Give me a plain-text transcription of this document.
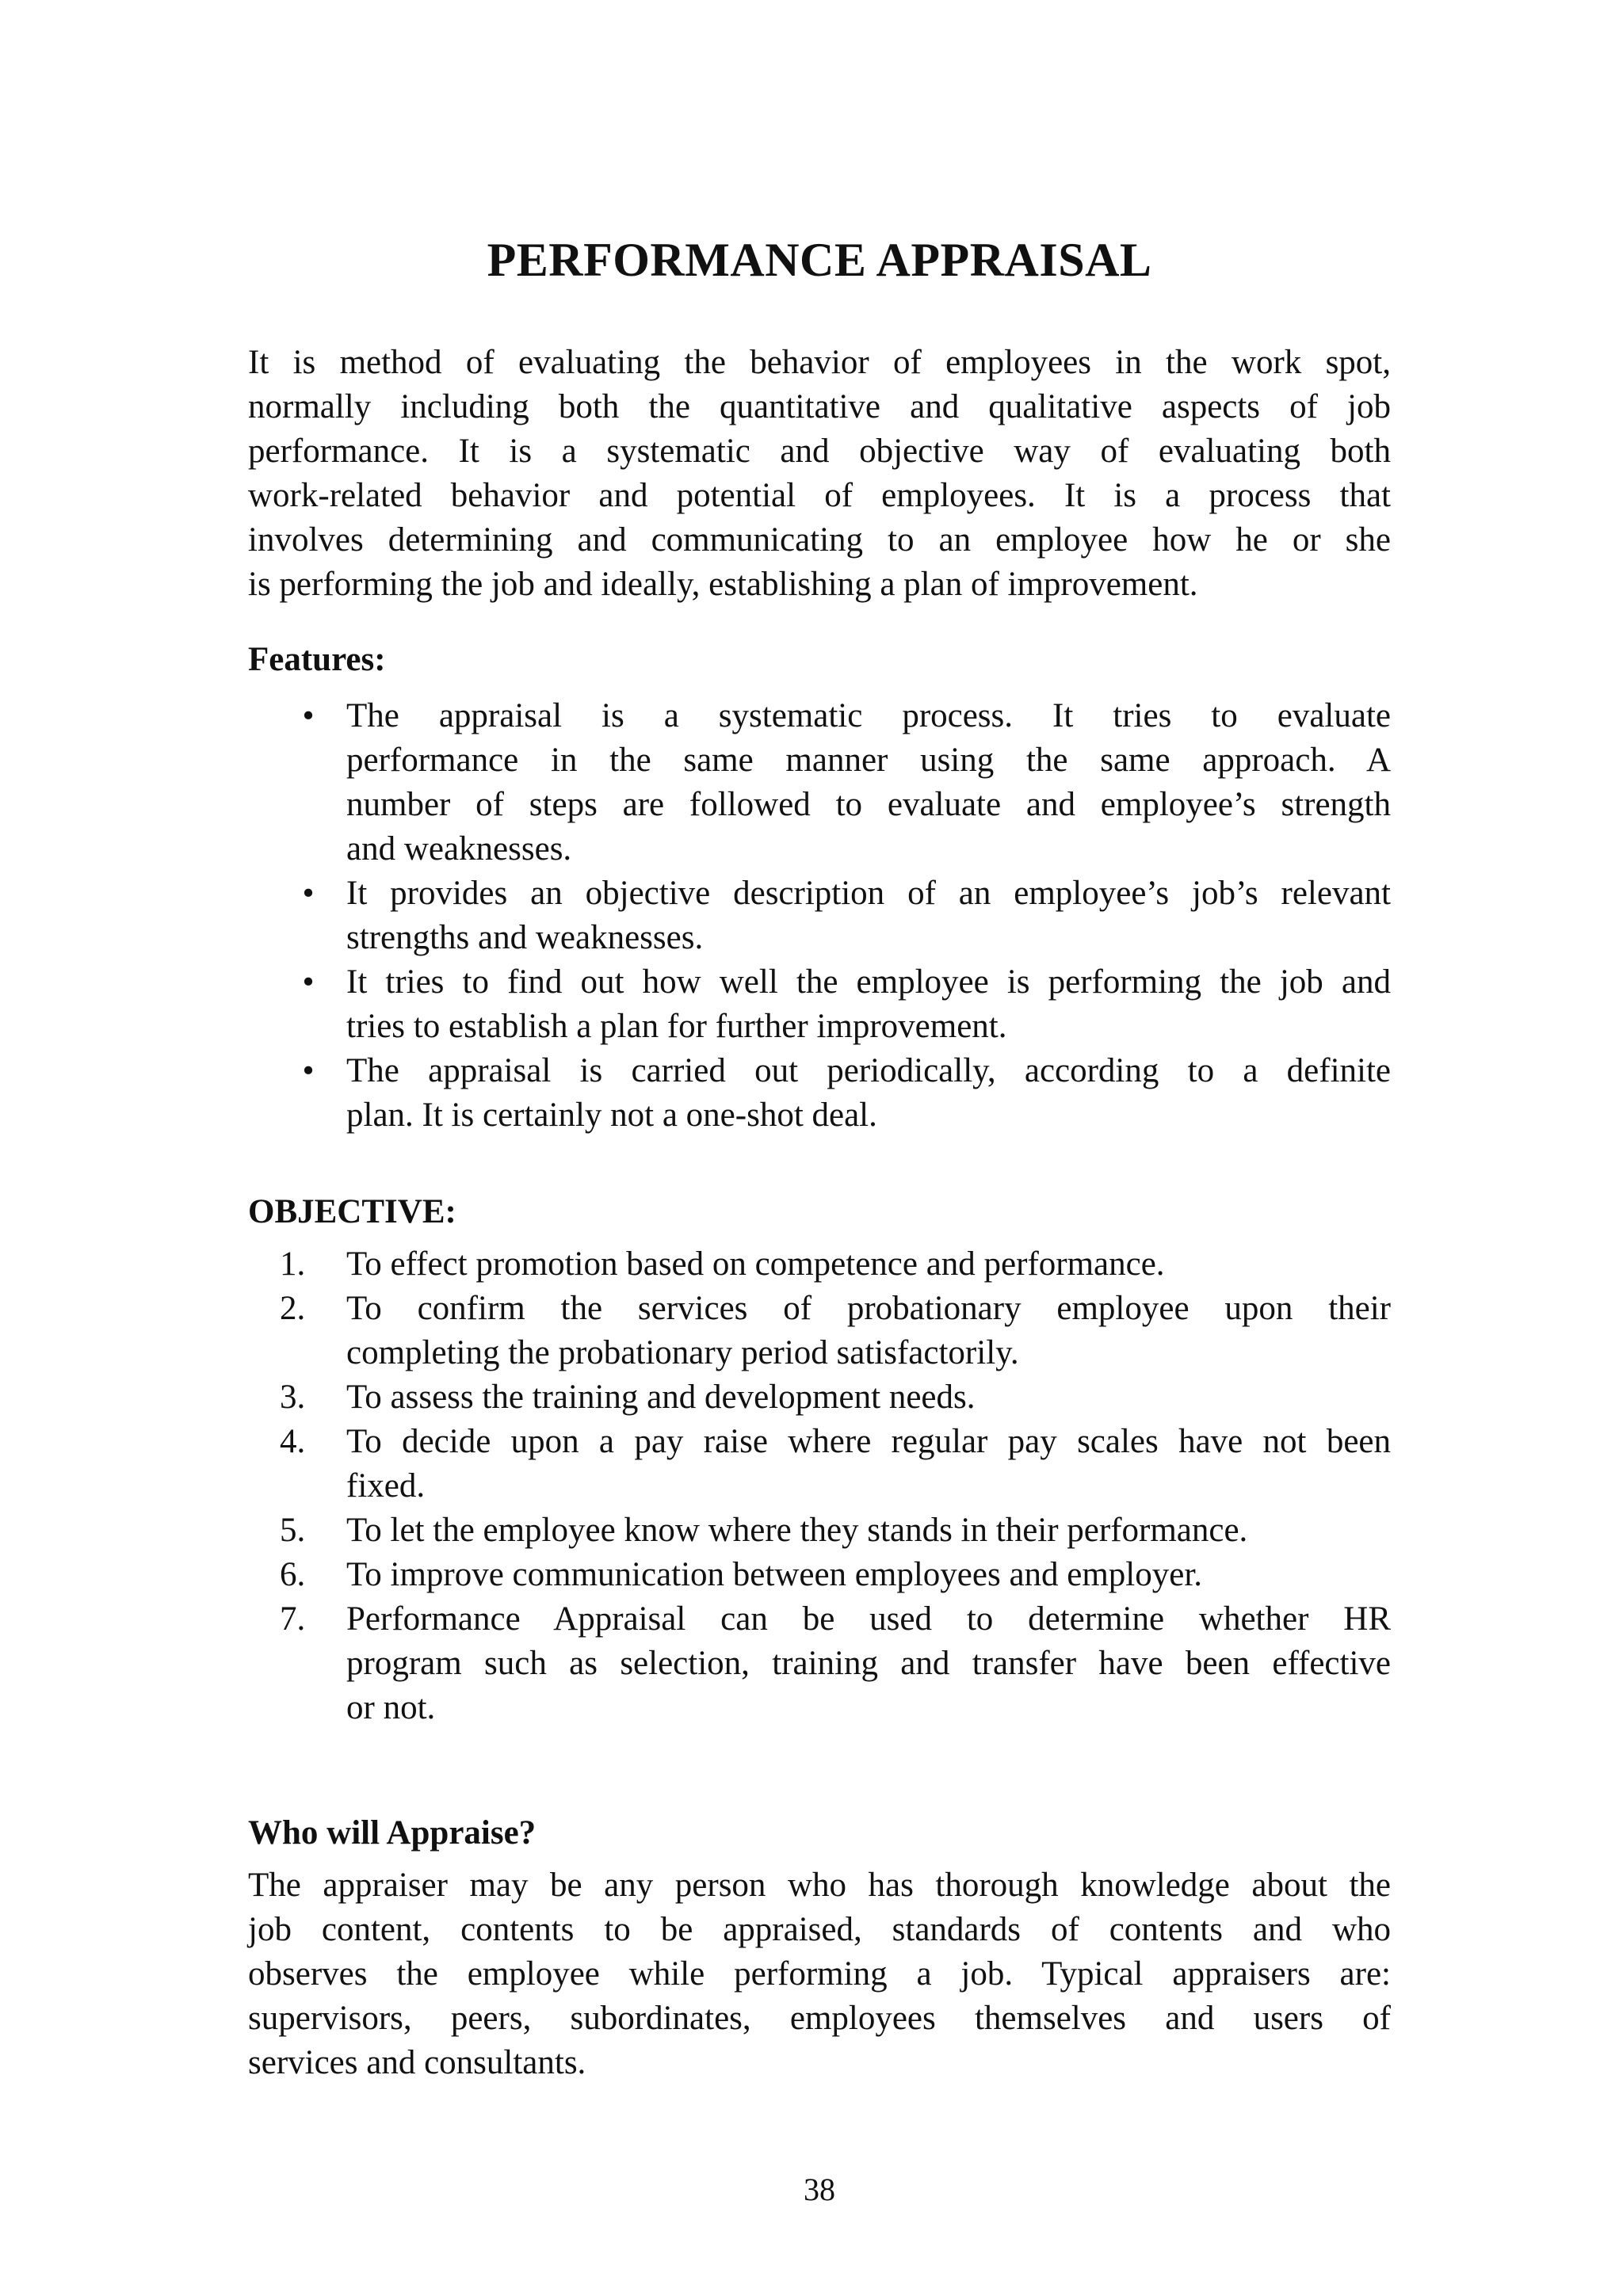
PERFORMANCE APPRAISAL

It is method of evaluating the behavior of employees in the work spot,
normally including both the quantitative and qualitative aspects of job
performance. It is a systematic and objective way of evaluating both
work-related behavior and potential of employees. It is a process that
involves determining and communicating to an employee how he or she
is performing the job and ideally, establishing a plan of improvement.

Features:
• The appraisal is a systematic process. It tries to evaluate
performance in the same manner using the same approach. A
number of steps are followed to evaluate and employee’s strength
and weaknesses.
• It provides an objective description of an employee’s job’s relevant
strengths and weaknesses.
• It tries to find out how well the employee is performing the job and
tries to establish a plan for further improvement.
• The appraisal is carried out periodically, according to a definite
plan. It is certainly not a one-shot deal.
OBJECTIVE:
1.	To effect promotion based on competence and performance.
2.	To confirm the services of probationary employee upon their
completing the probationary period satisfactorily.
3.	To assess the training and development needs.
4.	To decide upon a pay raise where regular pay scales have not been
fixed.
5.	To let the employee know where they stands in their performance.
6.	To improve communication between employees and employer.
7.	Performance Appraisal can be used to determine whether HR
program such as selection, training and transfer have been effective
or not.
Who will Appraise?

The appraiser may be any person who has thorough knowledge about the
job content, contents to be appraised, standards of contents and who
observes the employee while performing a job. Typical appraisers are:
supervisors, peers, subordinates, employees themselves and users of
services and consultants.

38
